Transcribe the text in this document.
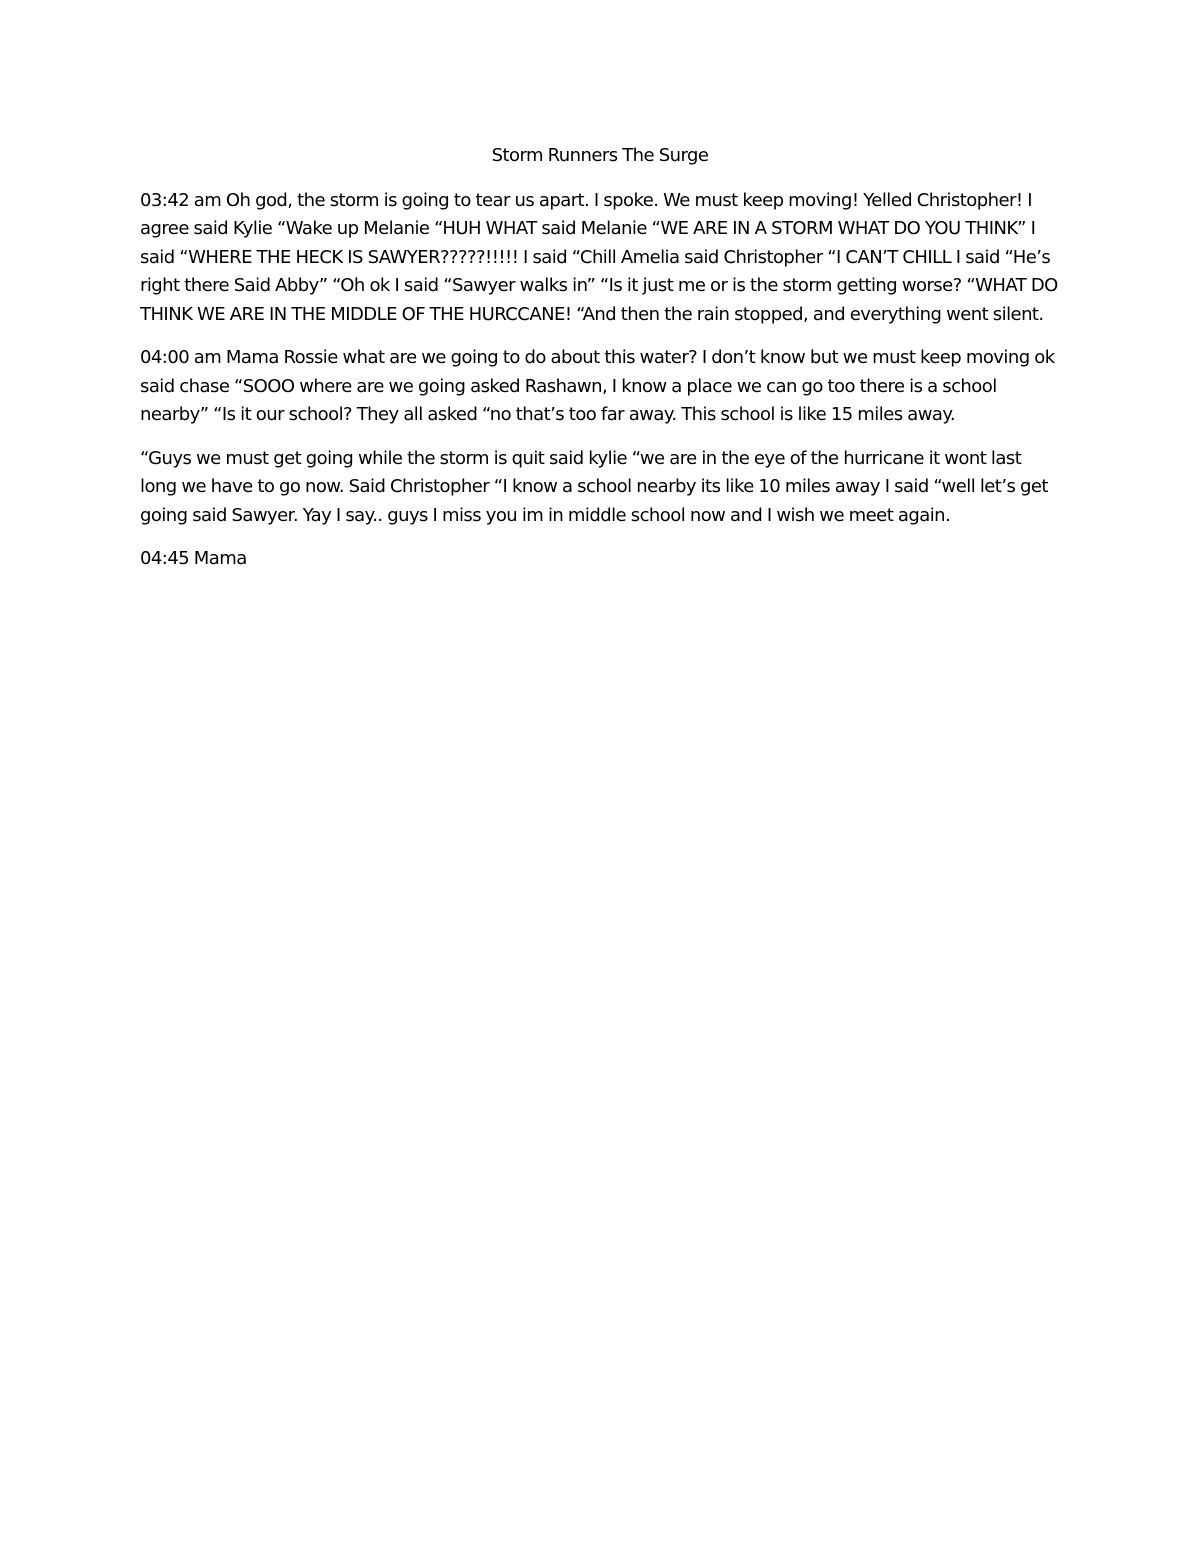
Storm Runners The Surge

03:42 am Oh god, the storm is going to tear us apart. I spoke. We must keep moving! Yelled Christopher! I agree said Kylie “Wake up Melanie “HUH WHAT said Melanie “WE ARE IN A STORM WHAT DO YOU THINK” I said “WHERE THE HECK IS SAWYER?????!!!!! I said “Chill Amelia said Christopher “I CAN’T CHILL I said “He’s right there Said Abby” “Oh ok I said “Sawyer walks in” “Is it just me or is the storm getting worse? “WHAT DO THINK WE ARE IN THE MIDDLE OF THE HURCCANE! “And then the rain stopped, and everything went silent.

04:00 am Mama Rossie what are we going to do about this water? I don’t know but we must keep moving ok said chase “SOOO where are we going asked Rashawn, I know a place we can go too there is a school nearby” “Is it our school? They all asked “no that’s too far away. This school is like 15 miles away.

“Guys we must get going while the storm is quit said kylie “we are in the eye of the hurricane it wont last long we have to go now. Said Christopher “I know a school nearby its like 10 miles away I said “well let’s get going said Sawyer. Yay I say.. guys I miss you im in middle school now and I wish we meet again.

04:45 Mama
